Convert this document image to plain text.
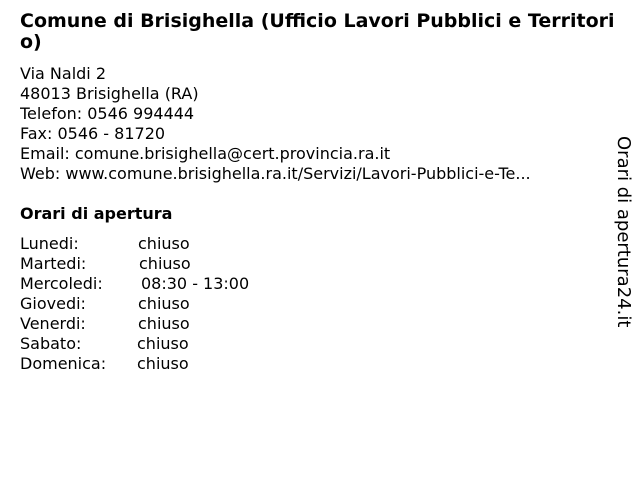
Comune di Brisighella (Ufficio Lavori Pubblici e Territorio)
Via Naldi 2
48013 Brisighella (RA)
Telefon: 0546 994444
Fax: 0546 - 81720
Email: comune.brisighella@cert.provincia.ra.it
Web: www.comune.brisighella.ra.it/Servizi/Lavori-Pubblici-e-Te...
Orari di apertura
Lunedi:	chiuso
Martedi:	chiuso
Mercoledi: 08:30 - 13:00
Giovedi:	chiuso
Venerdi:	chiuso
Sabato:	chiuso
Domenica: chiuso
Orari di apertura24.it
